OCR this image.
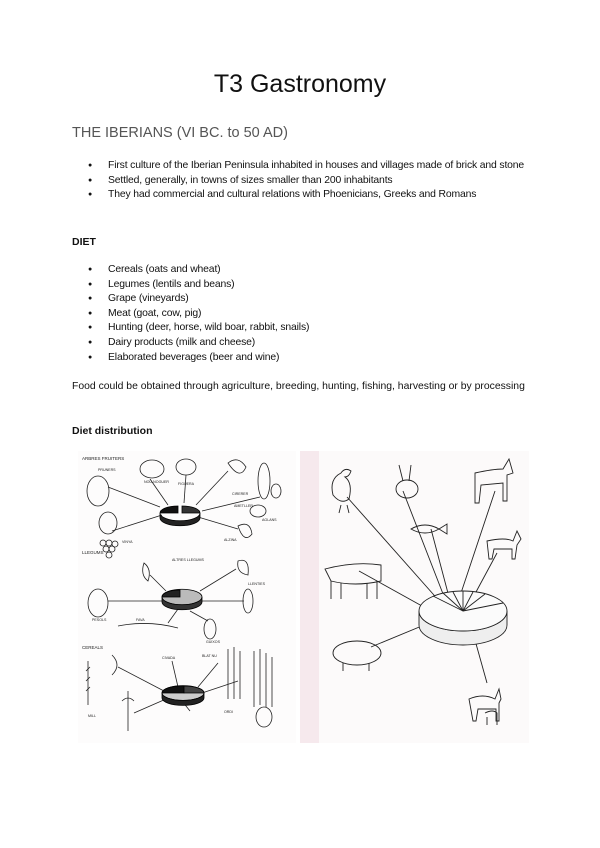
T3 Gastronomy
THE IBERIANS (VI BC. to 50 AD)
● First culture of the Iberian Peninsula inhabited in houses and villages made of brick and stone
● Settled, generally, in towns of sizes smaller than 200 inhabitants
● They had commercial and cultural relations with Phoenicians, Greeks and Romans
DIET
● Cereals (oats and wheat)
● Legumes (lentils and beans)
● Grape (vineyards)
● Meat (goat, cow, pig)
● Hunting (deer, horse, wild boar, rabbit, snails)
● Dairy products (milk and cheese)
● Elaborated beverages (beer and wine)
Food could be obtained through agriculture, breeding, hunting, fishing, harvesting or by processing
Diet distribution
ARBRES FRUITERS
PRUNERS
NOU-NOGUER	FIGUERA
CIRERER
AMETLLER
VINYA	ALZINA
AGLANS
LLEGUMS
ALTRES LLEGUMS
PESOLS	FAVA
LLENTIES
GUIXOS
CEREALS
CIVADA	BLAT NU
ORDI
MILL
